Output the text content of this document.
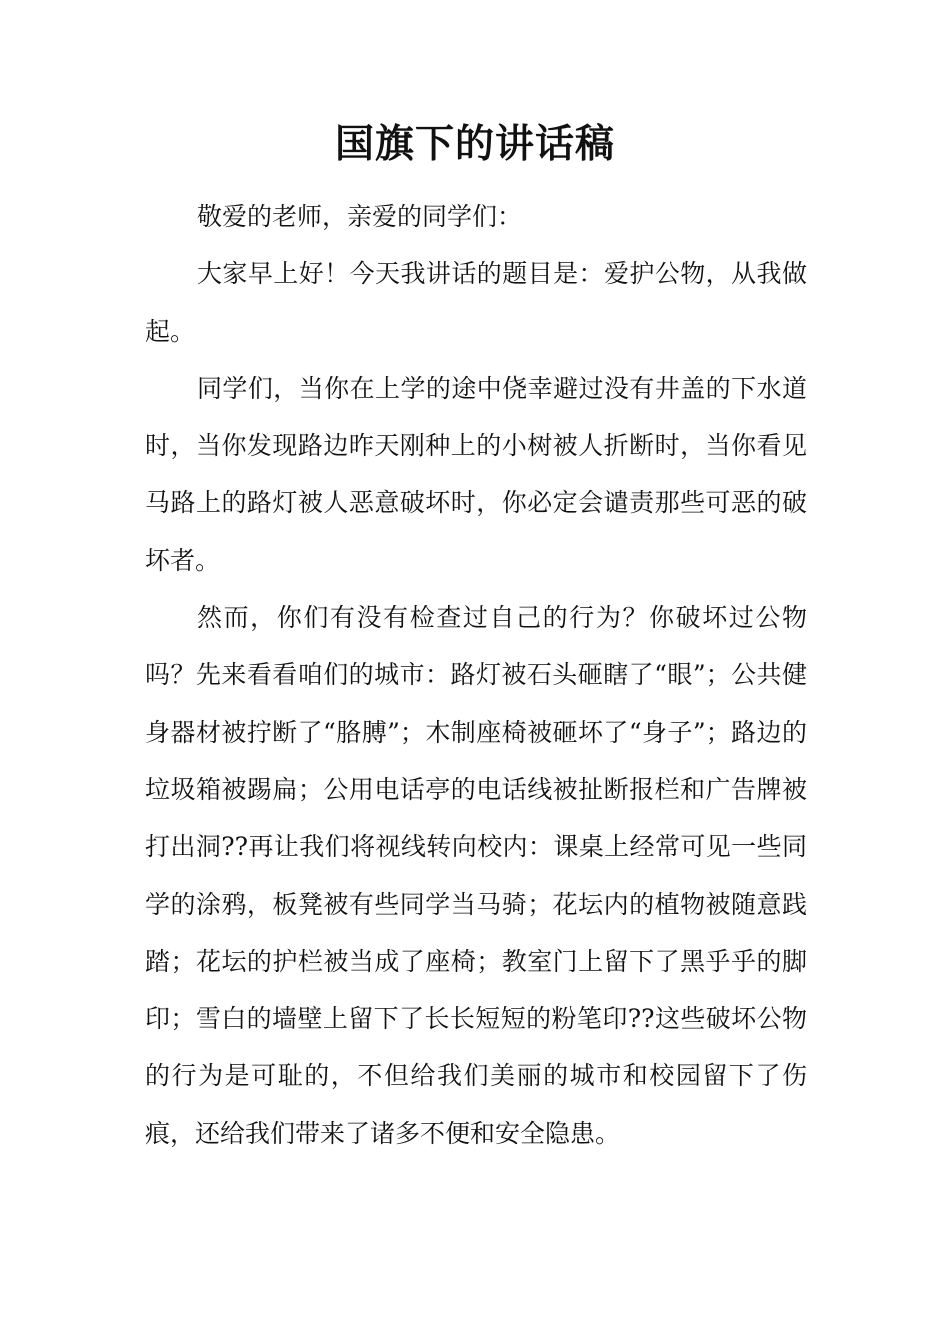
国旗下的讲话稿

敬爱的老师，亲爱的同学们：

大家早上好！今天我讲话的题目是：爱护公物，从我做起。

同学们，当你在上学的途中侥幸避过没有井盖的下水道时，当你发现路边昨天刚种上的小树被人折断时，当你看见马路上的路灯被人恶意破坏时，你必定会谴责那些可恶的破坏者。

然而，你们有没有检查过自己的行为？你破坏过公物吗？先来看看咱们的城市：路灯被石头砸瞎了“眼”；公共健身器材被拧断了“胳膊”；木制座椅被砸坏了“身子”；路边的垃圾箱被踢扁；公用电话亭的电话线被扯断报栏和广告牌被打出洞??再让我们将视线转向校内：课桌上经常可见一些同学的涂鸦，板凳被有些同学当马骑；花坛内的植物被随意践踏；花坛的护栏被当成了座椅；教室门上留下了黑乎乎的脚印；雪白的墙壁上留下了长长短短的粉笔印??这些破坏公物的行为是可耻的，不但给我们美丽的城市和校园留下了伤痕，还给我们带来了诸多不便和安全隐患。
